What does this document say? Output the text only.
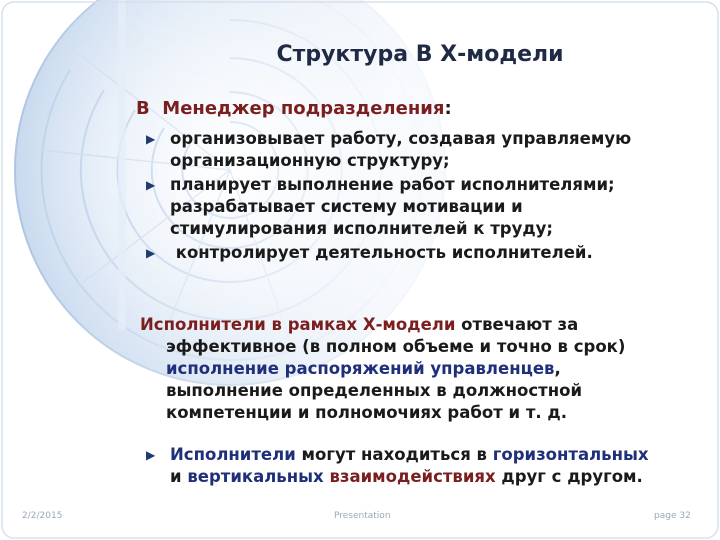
Структура В Х-модели
В Менеджер подразделения:
▶ организовывает работу, создавая управляемую
организационную структуру;
▶ планирует выполнение работ исполнителями;
разрабатывает систему мотивации и
стимулирования исполнителей к труду;
▶ контролирует деятельность исполнителей.
Исполнители в рамках Х-модели отвечают за
эффективное (в полном объеме и точно в срок)
исполнение распоряжений управленцев,
выполнение определенных в должностной
компетенции и полномочиях работ и т. д.
▶ Исполнители могут находиться в горизонтальных
и вертикальных взаимодействиях друг с другом.
2/2/2015	Presentation	page 32
